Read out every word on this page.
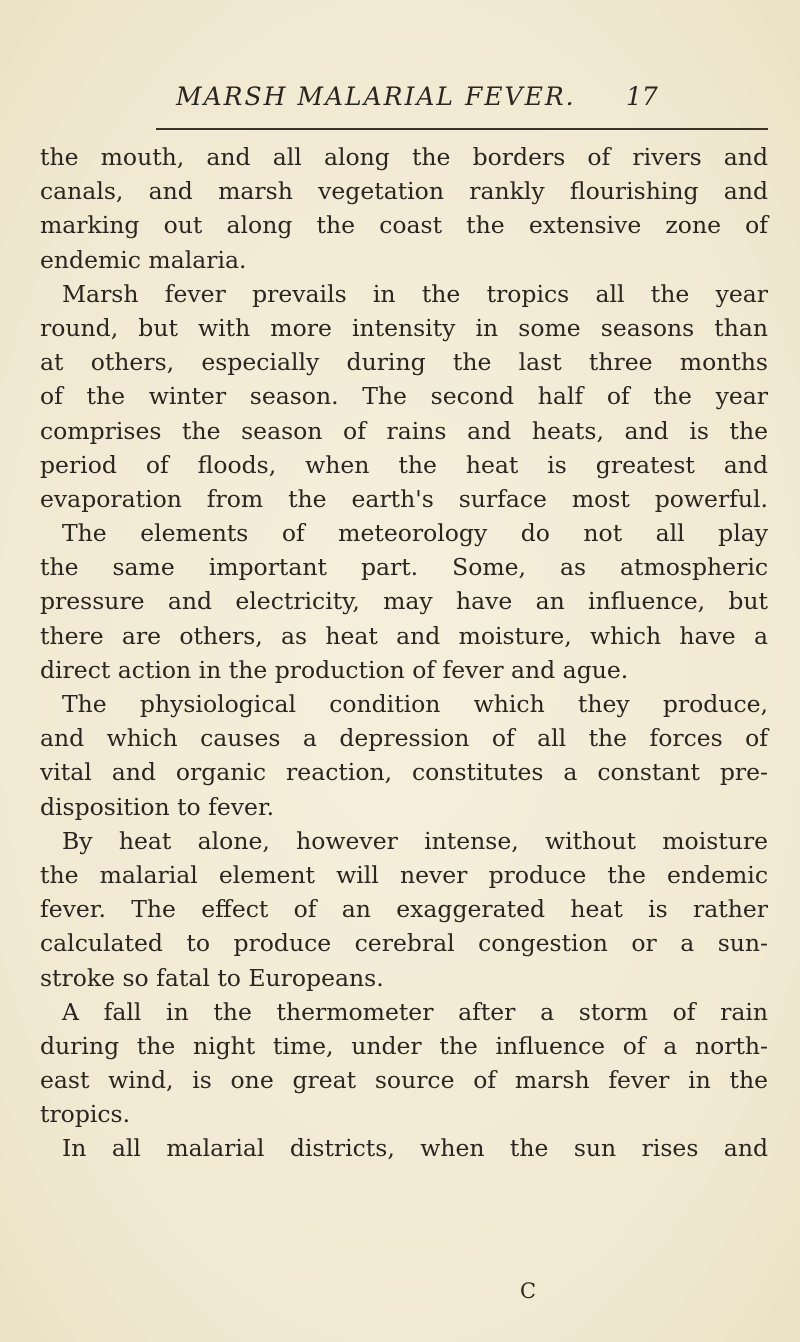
MARSH MALARIAL FEVER. 17
the mouth, and all along the borders of rivers and
canals, and marsh vegetation rankly flourishing and
marking out along the coast the extensive zone of
endemic malaria.
Marsh fever prevails in the tropics all the year
round, but with more intensity in some seasons than
at others, especially during the last three months
of the winter season. The second half of the year
comprises the season of rains and heats, and is the
period of floods, when the heat is greatest and
evaporation from the earth's surface most powerful.
The elements of meteorology do not all play
the same important part. Some, as atmospheric
pressure and electricity, may have an influence, but
there are others, as heat and moisture, which have a
direct action in the production of fever and ague.
The physiological condition which they produce,
and which causes a depression of all the forces of
vital and organic reaction, constitutes a constant pre-
disposition to fever.
By heat alone, however intense, without moisture
the malarial element will never produce the endemic
fever. The effect of an exaggerated heat is rather
calculated to produce cerebral congestion or a sun-
stroke so fatal to Europeans.
A fall in the thermometer after a storm of rain
during the night time, under the influence of a north-
east wind, is one great source of marsh fever in the
tropics.
In all malarial districts, when the sun rises and
C
